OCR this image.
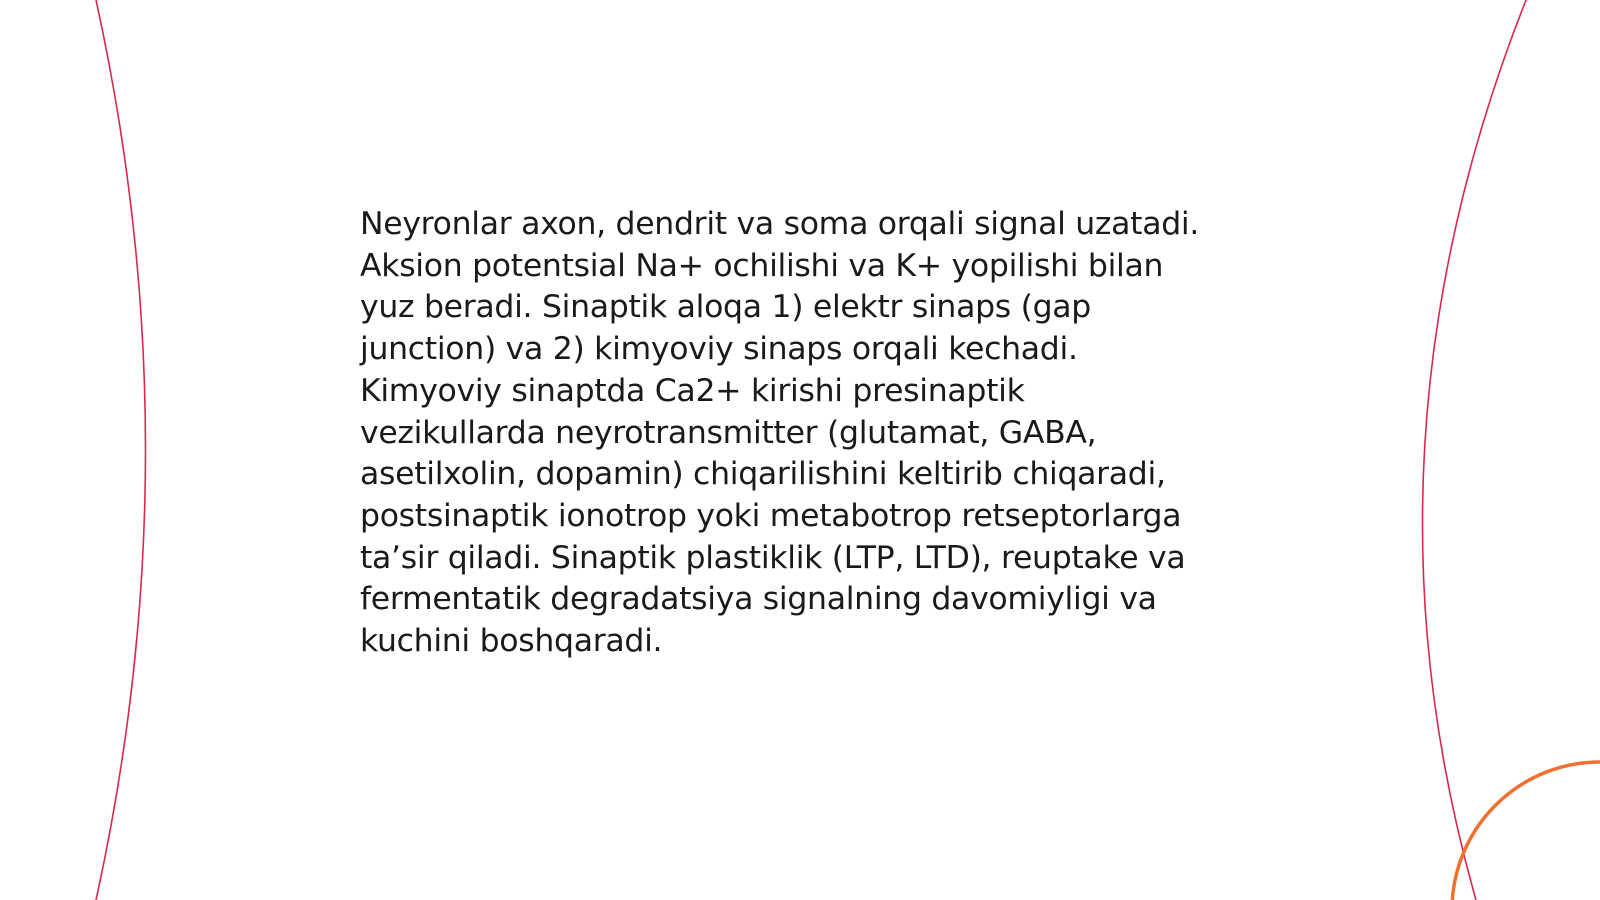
Neyronlar axon, dendrit va soma orqali signal uzatadi.
Aksion potentsial Na+ ochilishi va K+ yopilishi bilan
yuz beradi. Sinaptik aloqa 1) elektr sinaps (gap
junction) va 2) kimyoviy sinaps orqali kechadi.
Kimyoviy sinaptda Ca2+ kirishi presinaptik
vezikullarda neyrotransmitter (glutamat, GABA,
asetilxolin, dopamin) chiqarilishini keltirib chiqaradi,
postsinaptik ionotrop yoki metabotrop retseptorlarga
ta’sir qiladi. Sinaptik plastiklik (LTP, LTD), reuptake va
fermentatik degradatsiya signalning davomiyligi va
kuchini boshqaradi.
